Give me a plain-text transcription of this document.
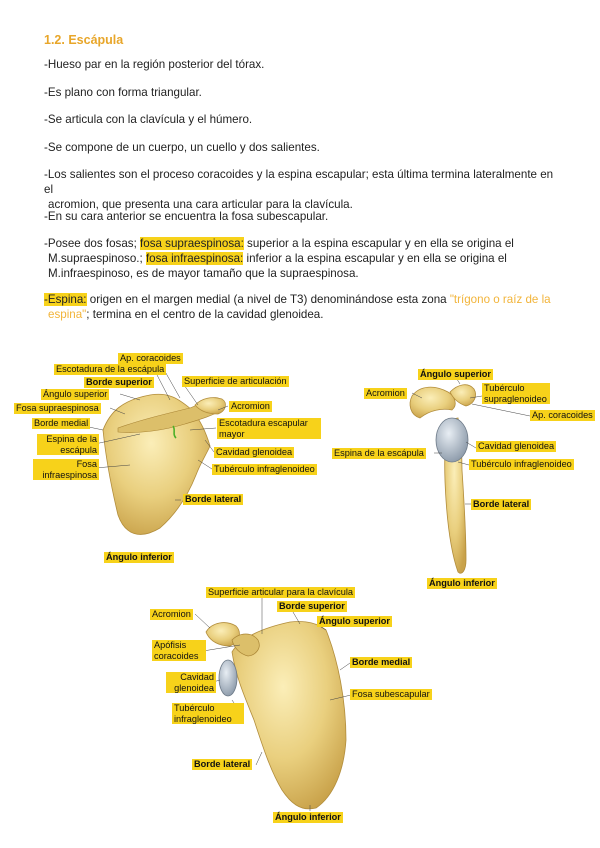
1.2. Escápula
-Hueso par en la región posterior del tórax.
-Es plano con forma triangular.
-Se articula con la clavícula y el húmero.
-Se compone de un cuerpo, un cuello y dos salientes.
-Los salientes son el proceso coracoides y la espina escapular; esta última termina lateralmente en el
acromion, que presenta una cara articular para la clavícula.
-En su cara anterior se encuentra la fosa subescapular.
-Posee dos fosas; fosa supraespinosa: superior a la espina escapular y en ella se origina el
M.supraespinoso.; fosa infraespinosa: inferior a la espina escapular y en ella se origina el
M.infraespinoso, es de mayor tamaño que la supraespinosa.
-Espina: origen en el margen medial (a nivel de T3) denominándose esta zona "trígono o raíz de la
espina"; termina en el centro de la cavidad glenoidea.
Ap. coracoides
Escotadura de la escápula
Borde superior
Ángulo superior
Fosa supraespinosa
Borde medial
Espina de la escápula
Fosa infraespinosa
Superficie de articulación
Acromion
Escotadura escapular mayor
Cavidad glenoidea
Tubérculo infraglenoideo
Borde lateral
Ángulo inferior
Ángulo superior
Acromion	Tubérculo supraglenoideo
Ap. coracoides
Cavidad glenoidea
Espina de la escápula
Tubérculo infraglenoideo
Borde lateral
Ángulo inferior
Superficie articular para la clavícula
Borde superior
Acromion
Ángulo superior
Apófisis coracoides
Borde medial
Cavidad glenoidea
Fosa subescapular
Tubérculo infraglenoideo
Borde lateral
Ángulo inferior
